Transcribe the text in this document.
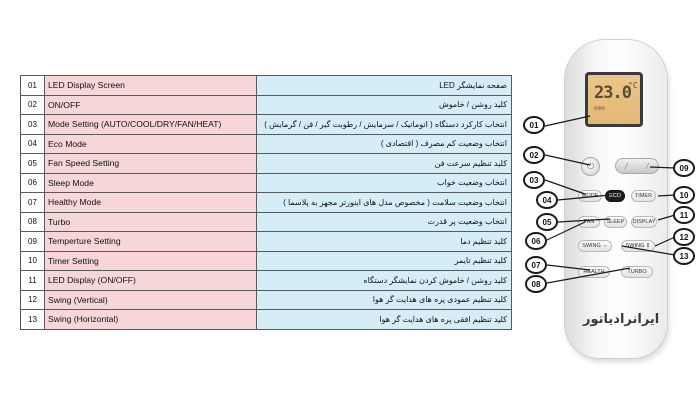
01	LED Display Screen	صفحه نمایشگر LED
02	ON/OFF	کلید روشن / خاموش
03	Mode Setting (AUTO/COOL/DRY/FAN/HEAT)	انتخاب کارکرد دستگاه ( اتوماتیک / سرمایش / رطوبت گیر / فن / گرمایش )
04	Eco Mode	انتخاب وضعیت کم مصرف ( اقتصادی )
05	Fan Speed Setting	کلید تنظیم سرعت فن
06	Sleep Mode	انتخاب وضعیت خواب
07	Healthy Mode	انتخاب وضعیت سلامت ( مخصوص مدل های اینورتر مجهز به پلاسما )
08	Turbo	انتخاب وضعیت پر قدرت
09	Temperture Setting	کلید تنظیم دما
10	Timer Setting	کلید تنظیم تایمر
11	LED Display (ON/OFF)	کلید روشن / خاموش کردن نمایشگر دستگاه
12	Swing (Vertical)	کلید تنظیم عمودی پره های هدایت گر هوا
13	Swing (Horizontal)	کلید تنظیم افقی پره های هدایت گر هوا
23.0
°C
⊙⊙⊙
⏻	⁄ ⁄
MODE	ECO	TIMER
FAN	SLEEP	DISPLAY
SWING ⇔	SWING ⇕
HEALTH	TURBO
ايرانرادياتور
01
02
03
04
05
06
07
08
09
10
11
12
13
